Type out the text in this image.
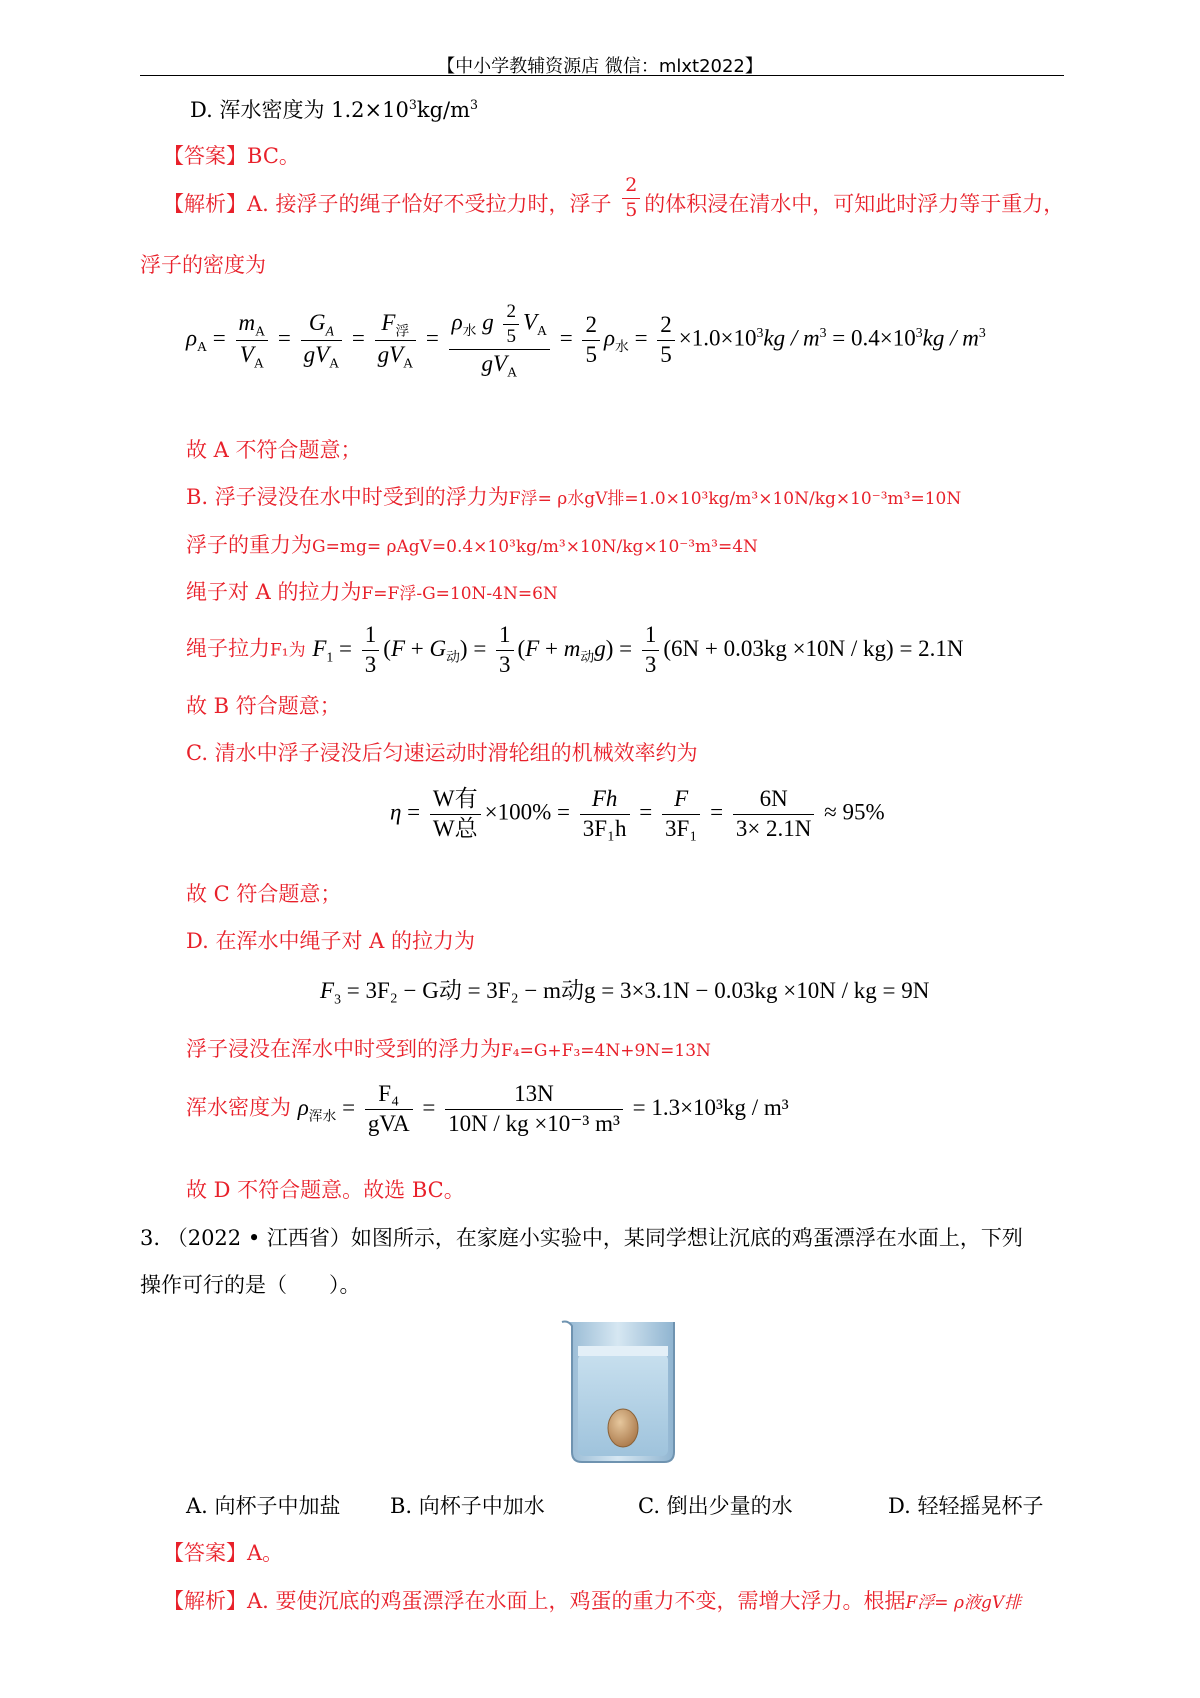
【中小学教辅资源店 微信：mlxt2022】
D. 浑水密度为 $1.2\times 10^3kg/m^3$
【答案】BC。
【解析】A. 接浮子的绳子恰好不受拉力时，浮子 $\frac{2}{5}$ 的体积浸在清水中，可知此时浮力等于重力，
浮子的密度为
$\rho_A = \frac{m_A}{V_A} = \frac{G_A}{gV_A} = \frac{F_浮}{gV_A} = \frac{\rho_水 g \frac{2}{5} V_A}{gV_A} = \frac{2}{5} \rho_水 = \frac{2}{5} \times 1.0\times 10^3kg / m^3 = 0.4\times 10^3kg / m^3$
故 A 不符合题意；
B. 浮子浸没在水中时受到的浮力为F浮= ρ水gV排=1.0×10³kg/m³×10N/kg×10⁻³m³=10N
浮子的重力为G=mg= ρAgV=0.4×10³kg/m³×10N/kg×10⁻³m³=4N
绳子对 A 的拉力为F=F浮-G=10N-4N=6N
绳子拉力F₁为 $F_1 = \frac{1}{3} (F + G_动) = \frac{1}{3} (F + m_动g) = \frac{1}{3} (6N + 0.03kg \times 10N / kg) = 2.1N$
故 B 符合题意；
C. 清水中浮子浸没后匀速运动时滑轮组的机械效率约为
$\eta = \frac{\text{W有}}{\text{W总}} \times 100\% = \frac{Fh}{\text{3F₁h}} = \frac{F}{\text{3F₁}} = \frac{6N}{3\times 2.1N} \approx 95\%$
故 C 符合题意；
D. 在浑水中绳子对 A 的拉力为
$F_3 = 3F_2 - G$动 = 3F₂ − m动g = 3×3.1N − 0.03kg ×10N / kg = 9N
浮子浸没在浑水中时受到的浮力为F₄=G+F₃=4N+9N=13N
浑水密度为 $\rho_{浑水} = \frac{\text{F₄}}{\text{gVA}} = \frac{13N}{\text{10N / kg ×10⁻³ m³}} = 1.3\times 10^3kg / m^3$
故 D 不符合题意。故选 BC。
3. （2022 • 江西省）如图所示，在家庭小实验中，某同学想让沉底的鸡蛋漂浮在水面上，下列
操作可行的是（　　）。
A. 向杯子中加盐 B. 向杯子中加水	C. 倒出少量的水	D. 轻轻摇晃杯子
【答案】A。
【解析】A. 要使沉底的鸡蛋漂浮在水面上，鸡蛋的重力不变，需增大浮力。根据F浮= ρ液gV排
